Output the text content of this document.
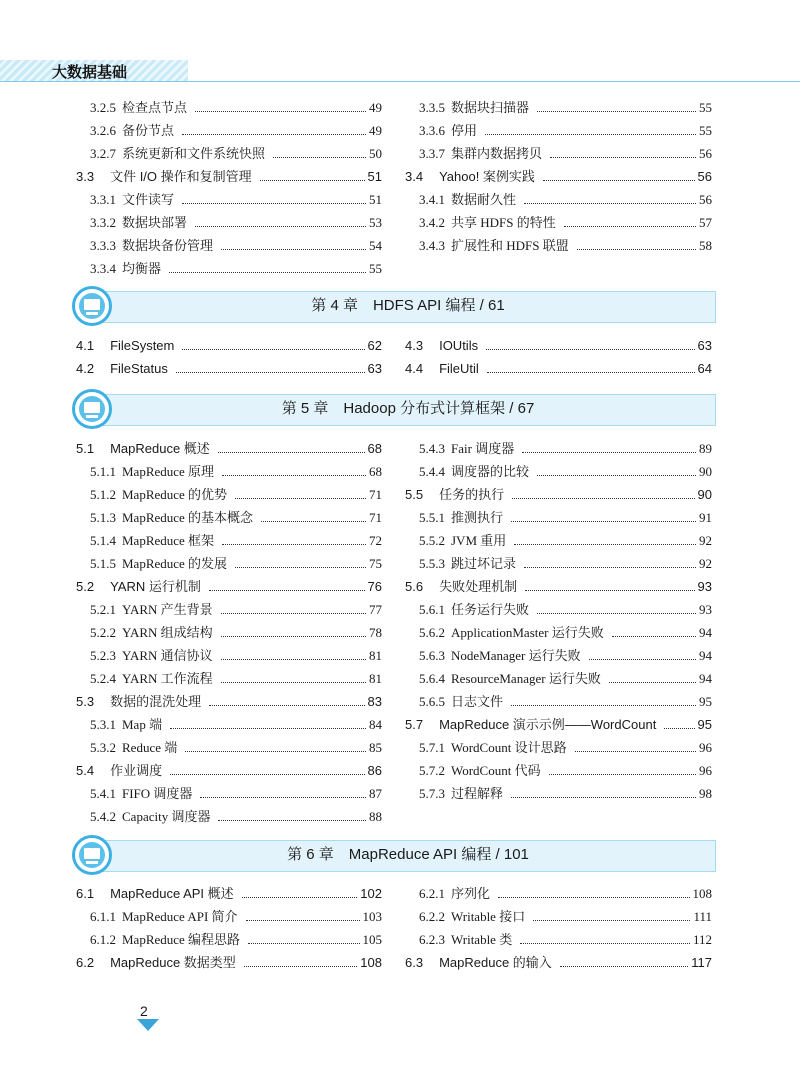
大数据基础
3.2.5 检查点节点	49
3.2.6 备份节点	49
3.2.7 系统更新和文件系统快照	50
3.3 文件 I/O 操作和复制管理	51
3.3.1 文件读写	51
3.3.2 数据块部署	53
3.3.3 数据块备份管理	54
3.3.4 均衡器	55
3.3.5 数据块扫描器	55
3.3.6 停用	55
3.3.7 集群内数据拷贝	56
3.4 Yahoo! 案例实践	56
3.4.1 数据耐久性	56
3.4.2 共享 HDFS 的特性	57
3.4.3 扩展性和 HDFS 联盟	58
第 4 章　HDFS API 编程 / 61
4.1 FileSystem	62
4.2 FileStatus	63
4.3 IOUtils	63
4.4 FileUtil	64
第 5 章　Hadoop 分布式计算框架 / 67
5.1 MapReduce 概述	68
5.1.1 MapReduce 原理	68
5.1.2 MapReduce 的优势	71
5.1.3 MapReduce 的基本概念	71
5.1.4 MapReduce 框架	72
5.1.5 MapReduce 的发展	75
5.2 YARN 运行机制	76
5.2.1 YARN 产生背景	77
5.2.2 YARN 组成结构	78
5.2.3 YARN 通信协议	81
5.2.4 YARN 工作流程	81
5.3 数据的混洗处理	83
5.3.1 Map 端	84
5.3.2 Reduce 端	85
5.4 作业调度	86
5.4.1 FIFO 调度器	87
5.4.2 Capacity 调度器	88
5.4.3 Fair 调度器	89
5.4.4 调度器的比较	90
5.5 任务的执行	90
5.5.1 推测执行	91
5.5.2 JVM 重用	92
5.5.3 跳过坏记录	92
5.6 失败处理机制	93
5.6.1 任务运行失败	93
5.6.2 ApplicationMaster 运行失败	94
5.6.3 NodeManager 运行失败	94
5.6.4 ResourceManager 运行失败	94
5.6.5 日志文件	95
5.7 MapReduce 演示示例——WordCount	95
5.7.1 WordCount 设计思路	96
5.7.2 WordCount 代码	96
5.7.3 过程解释	98
第 6 章　MapReduce API 编程 / 101
6.1 MapReduce API 概述	102
6.1.1 MapReduce API 简介	103
6.1.2 MapReduce 编程思路	105
6.2 MapReduce 数据类型	108
6.2.1 序列化	108
6.2.2 Writable 接口	111
6.2.3 Writable 类	112
6.3 MapReduce 的输入	117
2
